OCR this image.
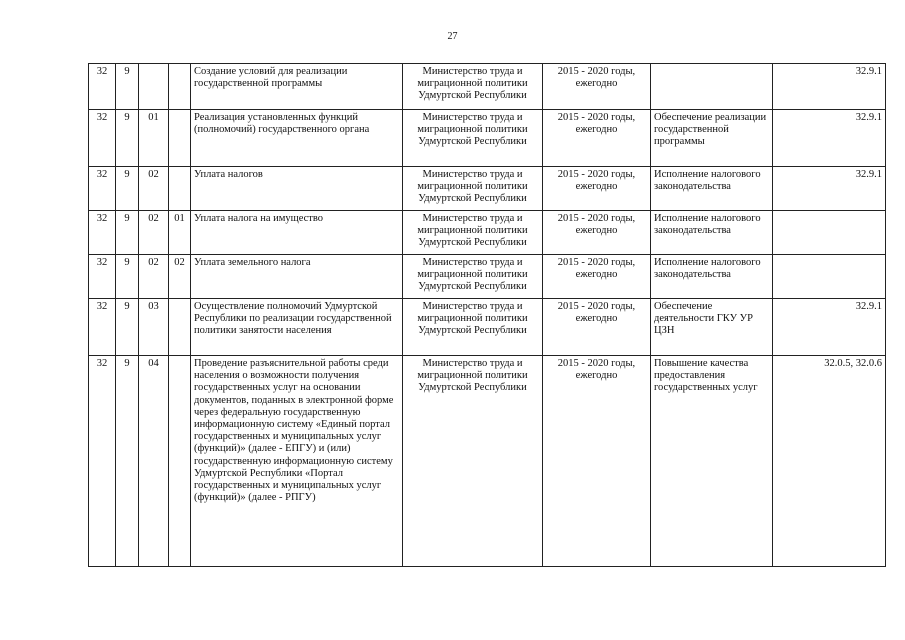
27
32	9			Создание условий для реализации государственной программы	Министерство труда и миграционной политики Удмуртской Республики	2015 - 2020 годы, ежегодно		32.9.1
32	9	01		Реализация установленных функций (полномочий) государственного органа	Министерство труда и миграционной политики Удмуртской Республики	2015 - 2020 годы, ежегодно	Обеспечение реализации государственной программы	32.9.1
32	9	02		Уплата налогов	Министерство труда и миграционной политики Удмуртской Республики	2015 - 2020 годы, ежегодно	Исполнение налогового законодательства	32.9.1
32	9	02	01	Уплата налога на имущество	Министерство труда и миграционной политики Удмуртской Республики	2015 - 2020 годы, ежегодно	Исполнение налогового законодательства	
32	9	02	02	Уплата земельного налога	Министерство труда и миграционной политики Удмуртской Республики	2015 - 2020 годы, ежегодно	Исполнение налогового законодательства	
32	9	03		Осуществление полномочий Удмуртской Республики по реализации государственной политики занятости населения	Министерство труда и миграционной политики Удмуртской Республики	2015 - 2020 годы, ежегодно	Обеспечение деятельности ГКУ УР ЦЗН	32.9.1
32	9	04		Проведение разъяснительной работы среди населения о возможности получения государственных услуг на основании документов, поданных в электронной форме через федеральную государственную информационную систему «Единый портал государственных и муниципальных услуг (функций)» (далее - ЕПГУ) и (или) государственную информационную систему Удмуртской Республики «Портал государственных и муниципальных услуг (функций)» (далее - РПГУ)	Министерство труда и миграционной политики Удмуртской Республики	2015 - 2020 годы, ежегодно	Повышение качества предоставления государственных услуг	32.0.5, 32.0.6
